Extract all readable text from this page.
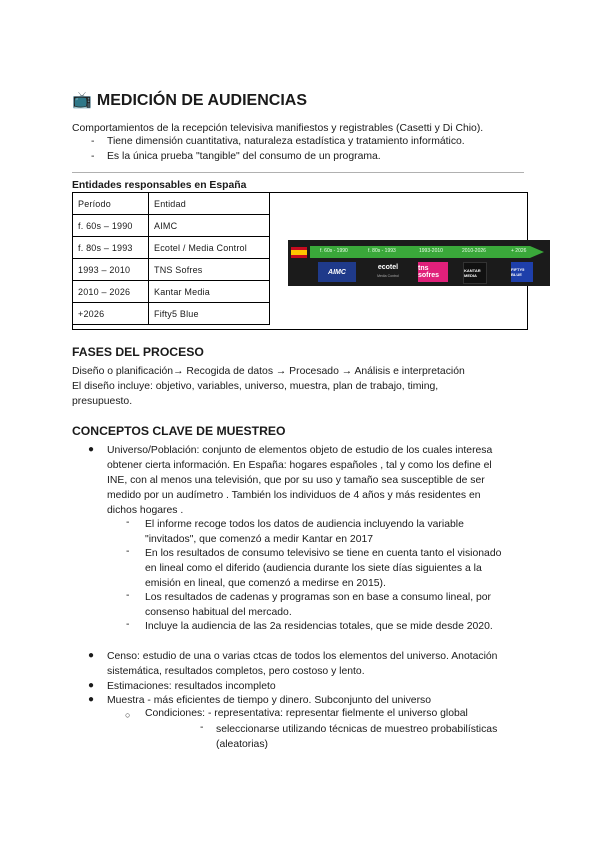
📺 MEDICIÓN DE AUDIENCIAS
Comportamientos de la recepción televisiva manifiestos y registrables (Casetti y Di Chio).
- Tiene dimensión cuantitativa, naturaleza estadística y tratamiento informático.
- Es la única prueba "tangible" del consumo de un programa.
Entidades responsables en España
Período	Entidad
f. 60s – 1990	AIMC
f. 80s – 1993	Ecotel / Media Control
1993 – 2010	TNS Sofres
2010 – 2026	Kantar Media
+2026	Fifty5 Blue
f. 60s - 1990	f. 80s - 1993	1993-2010	2010-2026	+ 2026
AIMC
ecotel
Media Control
tns sofres
KANTAR MEDIA
FIFTY5 BLUE
FASES DEL PROCESO
Diseño o planificación→ Recogida de datos → Procesado → Análisis e interpretación
El diseño incluye: objetivo, variables, universo, muestra, plan de trabajo, timing,
presupuesto.
CONCEPTOS CLAVE DE MUESTREO
● Universo/Población: conjunto de elementos objeto de estudio de los cuales interesa
obtener cierta información. En España: hogares españoles , tal y como los define el
INE, con al menos una televisión, que por su uso y tamaño sea susceptible de ser
medido por un audímetro . También los individuos de 4 años y más residentes en
dichos hogares .
- El informe recoge todos los datos de audiencia incluyendo la variable
"invitados", que comenzó a medir Kantar en 2017
- En los resultados de consumo televisivo se tiene en cuenta tanto el visionado
en lineal como el diferido (audiencia durante los siete días siguientes a la
emisión en lineal, que comenzó a medirse en 2015).
- Los resultados de cadenas y programas son en base a consumo lineal, por
consenso habitual del mercado.
- Incluye la audiencia de las 2a residencias totales, que se mide desde 2020.
● Censo: estudio de una o varias ctcas de todos los elementos del universo. Anotación
sistemática, resultados completos, pero costoso y lento.
● Estimaciones: resultados incompleto
● Muestra - más eficientes de tiempo y dinero. Subconjunto del universo
○ Condiciones: - representativa: representar fielmente el universo global
- seleccionarse utilizando técnicas de muestreo probabilísticas
(aleatorias)
